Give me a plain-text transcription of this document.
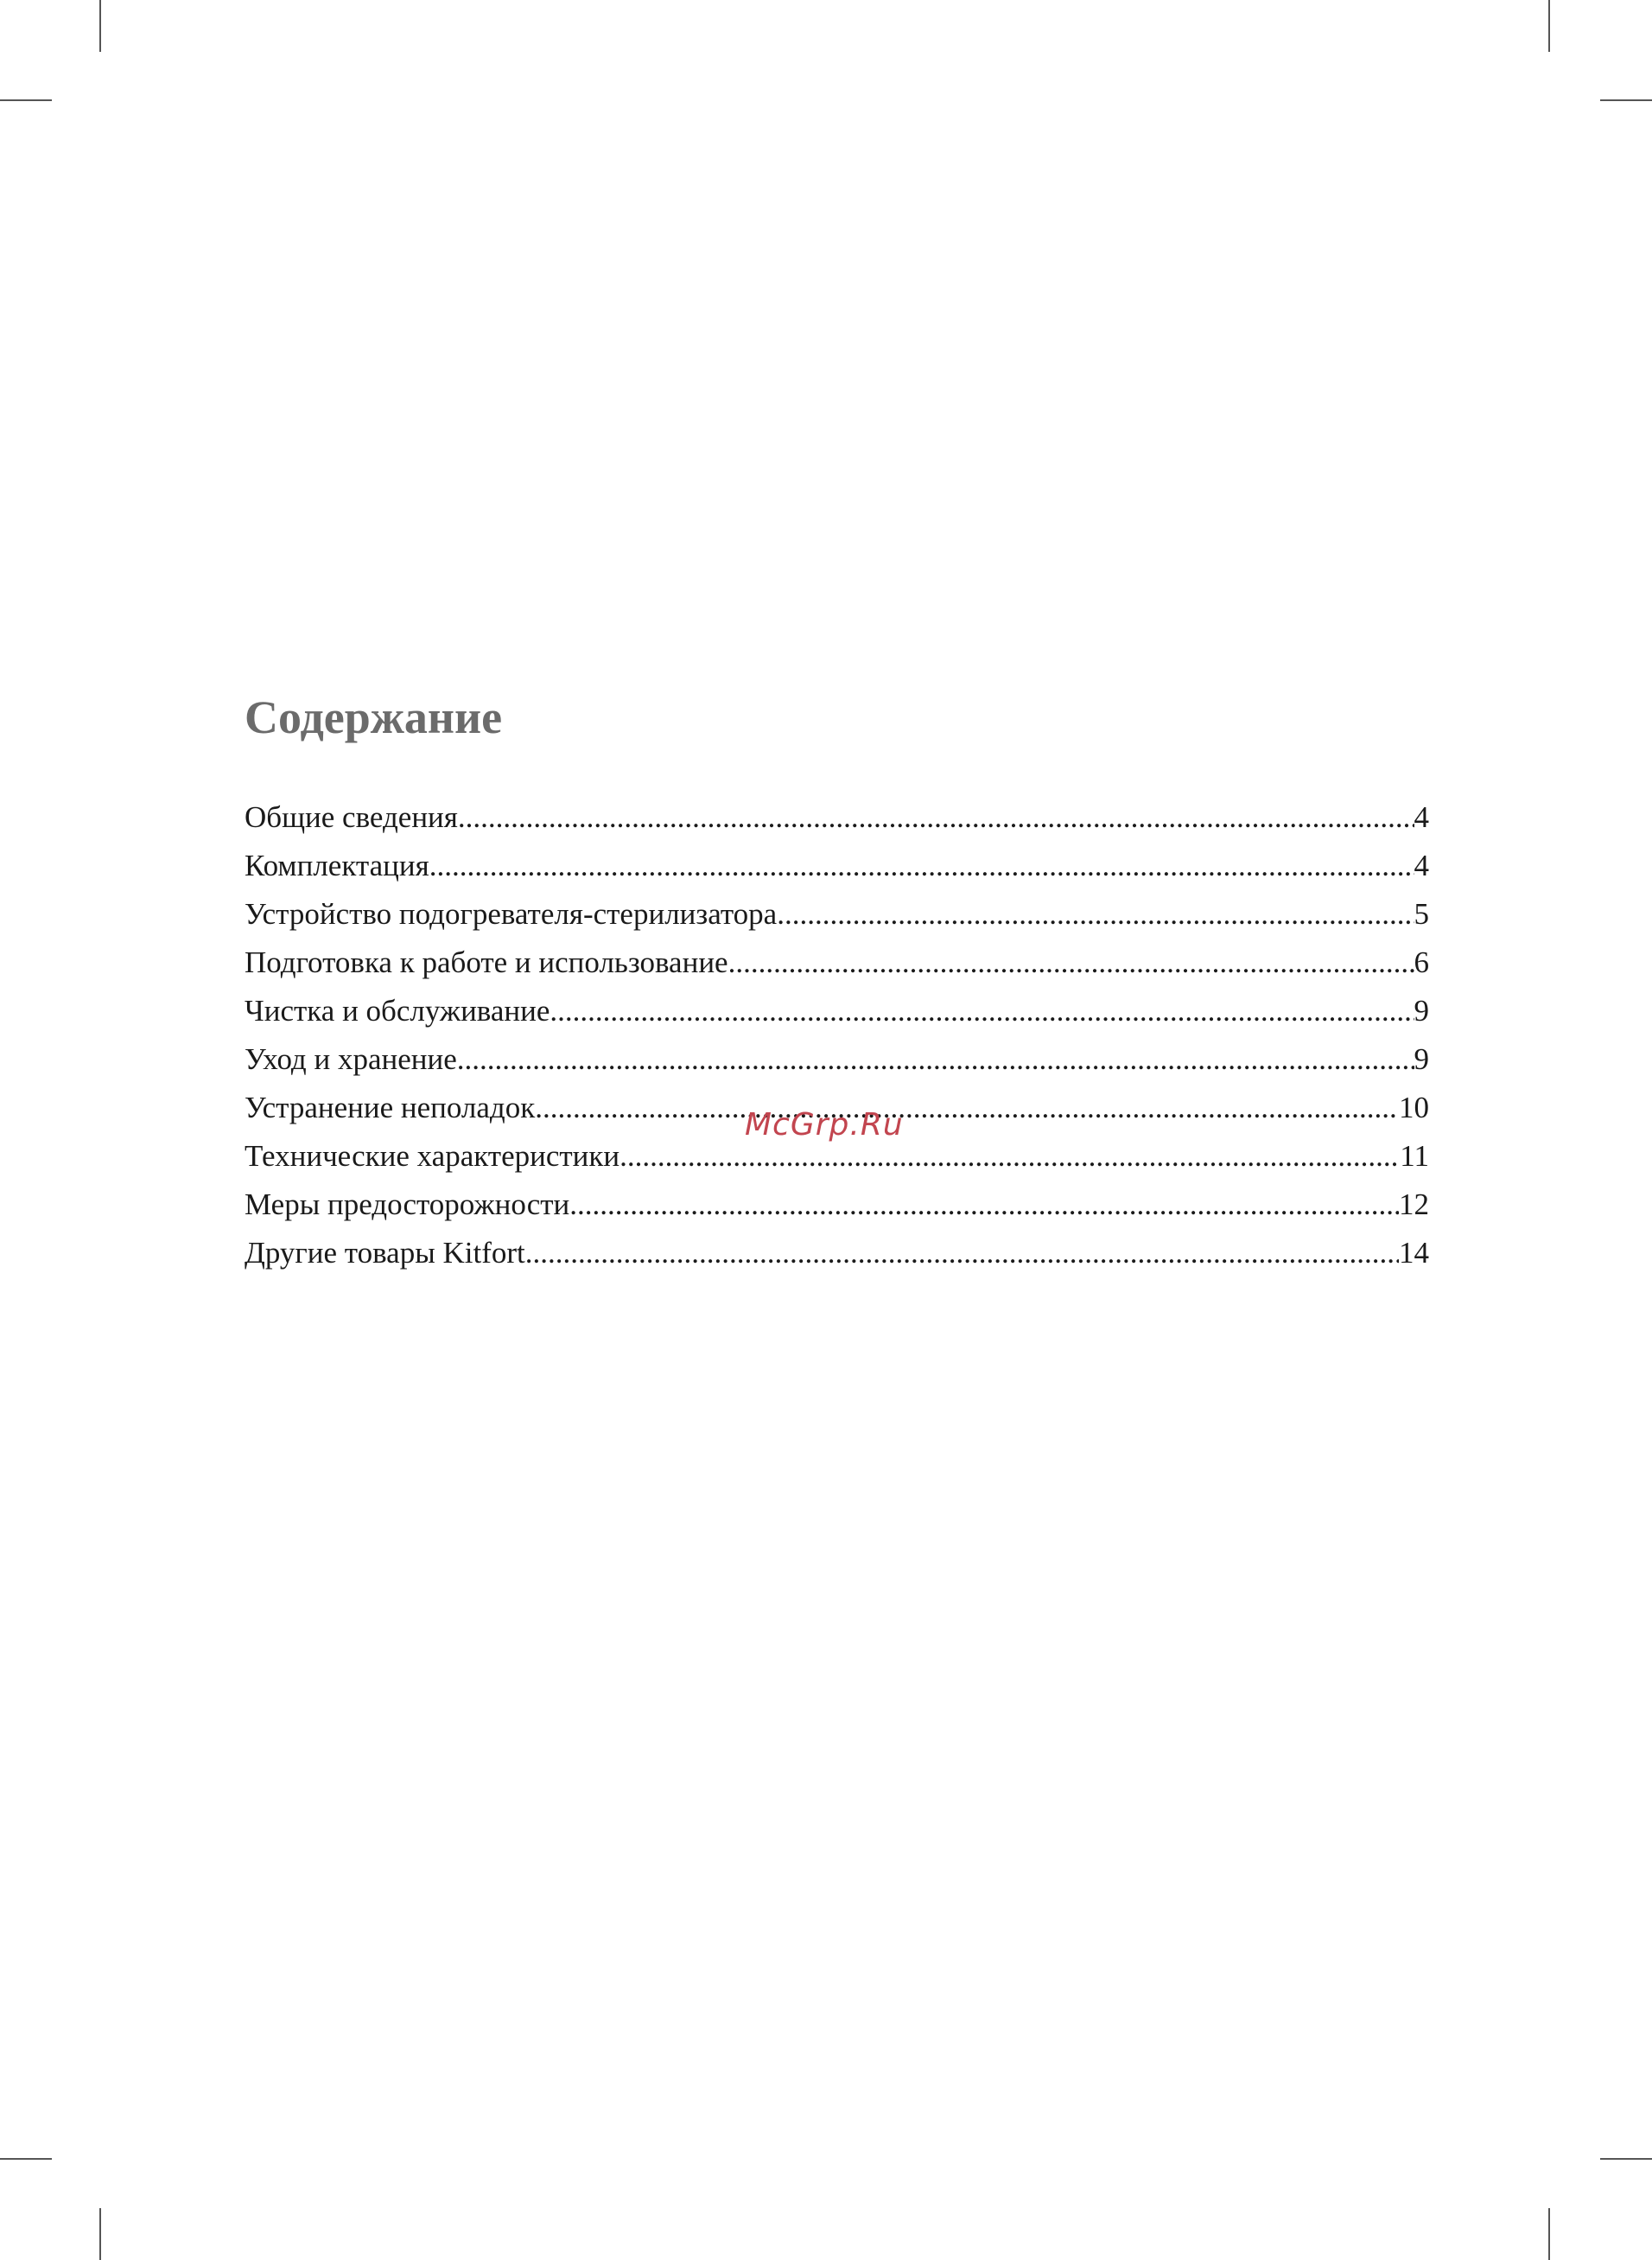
Содержание
Общие сведения .....	4
Комплектация .....	4
Устройство подогревателя-стерилизатора .....	5
Подготовка к работе и использование .....	6
Чистка и обслуживание .....	9
Уход и хранение .....	9
Устранение неполадок .....	10
Технические характеристики .....	11
Меры предосторожности .....	12
Другие товары Kitfort .....	14
McGrp.Ru
